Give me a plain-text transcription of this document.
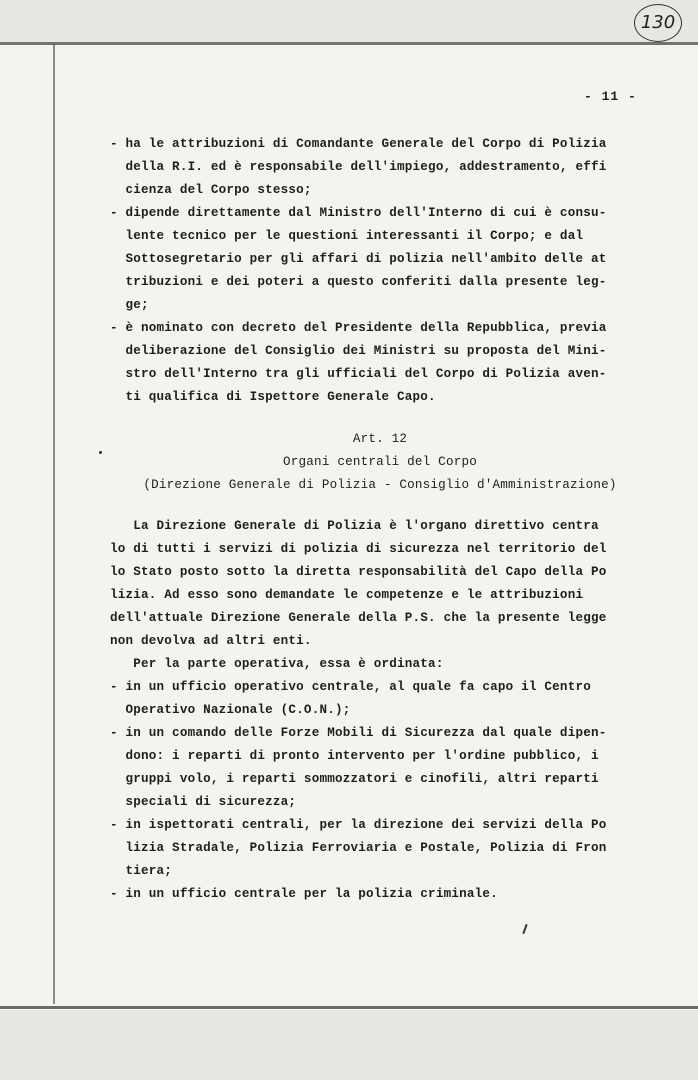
130
- 11 -
- ha le attribuzioni di Comandante Generale del Corpo di Polizia
della R.I. ed è responsabile dell'impiego, addestramento, effi
cienza del Corpo stesso;
- dipende direttamente dal Ministro dell'Interno di cui è consu-
lente tecnico per le questioni interessanti il Corpo; e dal
Sottosegretario per gli affari di polizia nell'ambito delle at
tribuzioni e dei poteri a questo conferiti dalla presente leg-
ge;
- è nominato con decreto del Presidente della Repubblica, previa
deliberazione del Consiglio dei Ministri su proposta del Mini-
stro dell'Interno tra gli ufficiali del Corpo di Polizia aven-
ti qualifica di Ispettore Generale Capo.
Art. 12
Organi centrali del Corpo
(Direzione Generale di Polizia - Consiglio d'Amministrazione)
La Direzione Generale di Polizia è l'organo direttivo centra
lo di tutti i servizi di polizia di sicurezza nel territorio del
lo Stato posto sotto la diretta responsabilità del Capo della Po
lizia. Ad esso sono demandate le competenze e le attribuzioni
dell'attuale Direzione Generale della P.S. che la presente legge
non devolva ad altri enti.
Per la parte operativa, essa è ordinata:
- in un ufficio operativo centrale, al quale fa capo il Centro
Operativo Nazionale (C.O.N.);
- in un comando delle Forze Mobili di Sicurezza dal quale dipen-
dono: i reparti di pronto intervento per l'ordine pubblico, i
gruppi volo, i reparti sommozzatori e cinofili, altri reparti
speciali di sicurezza;
- in ispettorati centrali, per la direzione dei servizi della Po
lizia Stradale, Polizia Ferroviaria e Postale, Polizia di Fron
tiera;
- in un ufficio centrale per la polizia criminale.
